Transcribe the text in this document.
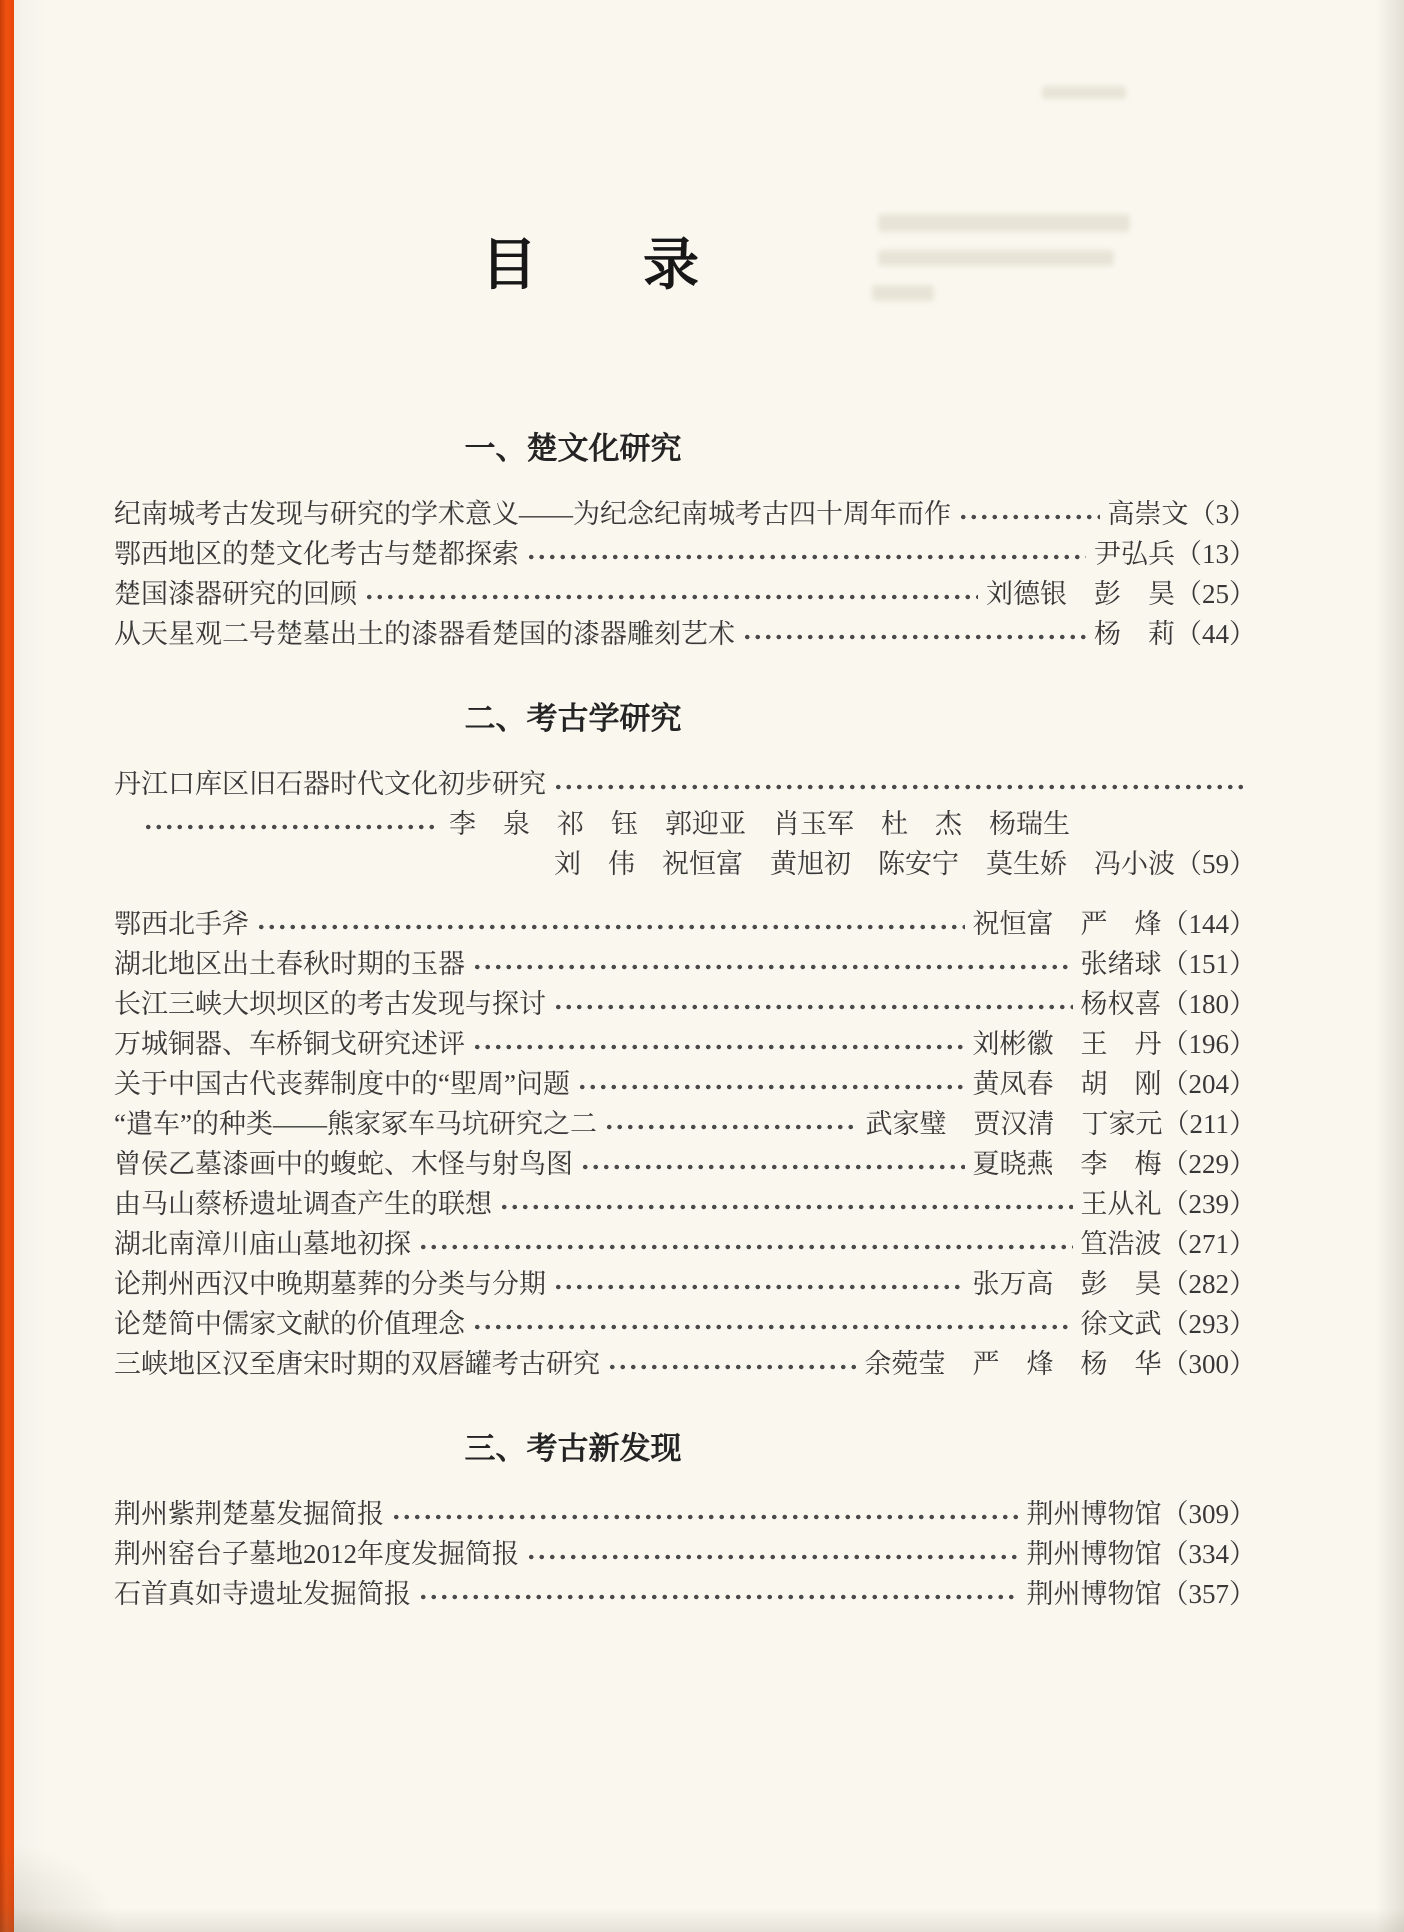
目 录
一、楚文化研究
纪南城考古发现与研究的学术意义——为纪念纪南城考古四十周年而作	高崇文 （3）
鄂西地区的楚文化考古与楚都探索	尹弘兵 （13）
楚国漆器研究的回顾	刘德银　彭　昊 （25）
从天星观二号楚墓出土的漆器看楚国的漆器雕刻艺术	杨　莉 （44）
二、考古学研究
丹江口库区旧石器时代文化初步研究
李　泉　祁　钰　郭迎亚　肖玉军　杜　杰　杨瑞生
刘　伟　祝恒富　黄旭初　陈安宁　莫生娇　冯小波 （59）
鄂西北手斧	祝恒富　严　烽 （144）
湖北地区出土春秋时期的玉器	张绪球 （151）
长江三峡大坝坝区的考古发现与探讨	杨权喜 （180）
万城铜器、车桥铜戈研究述评	刘彬徽　王　丹 （196）
关于中国古代丧葬制度中的“堲周”问题	黄凤春　胡　刚 （204）
“遣车”的种类——熊家冢车马坑研究之二	武家璧　贾汉清　丁家元 （211）
曾侯乙墓漆画中的蝮蛇、木怪与射鸟图	夏晓燕　李　梅 （229）
由马山蔡桥遗址调查产生的联想	王从礼 （239）
湖北南漳川庙山墓地初探	笪浩波 （271）
论荆州西汉中晚期墓葬的分类与分期	张万高　彭　昊 （282）
论楚简中儒家文献的价值理念	徐文武 （293）
三峡地区汉至唐宋时期的双唇罐考古研究	余菀莹　严　烽　杨　华 （300）
三、考古新发现
荆州紫荆楚墓发掘简报	荆州博物馆 （309）
荆州窑台子墓地2012年度发掘简报	荆州博物馆 （334）
石首真如寺遗址发掘简报	荆州博物馆 （357）
